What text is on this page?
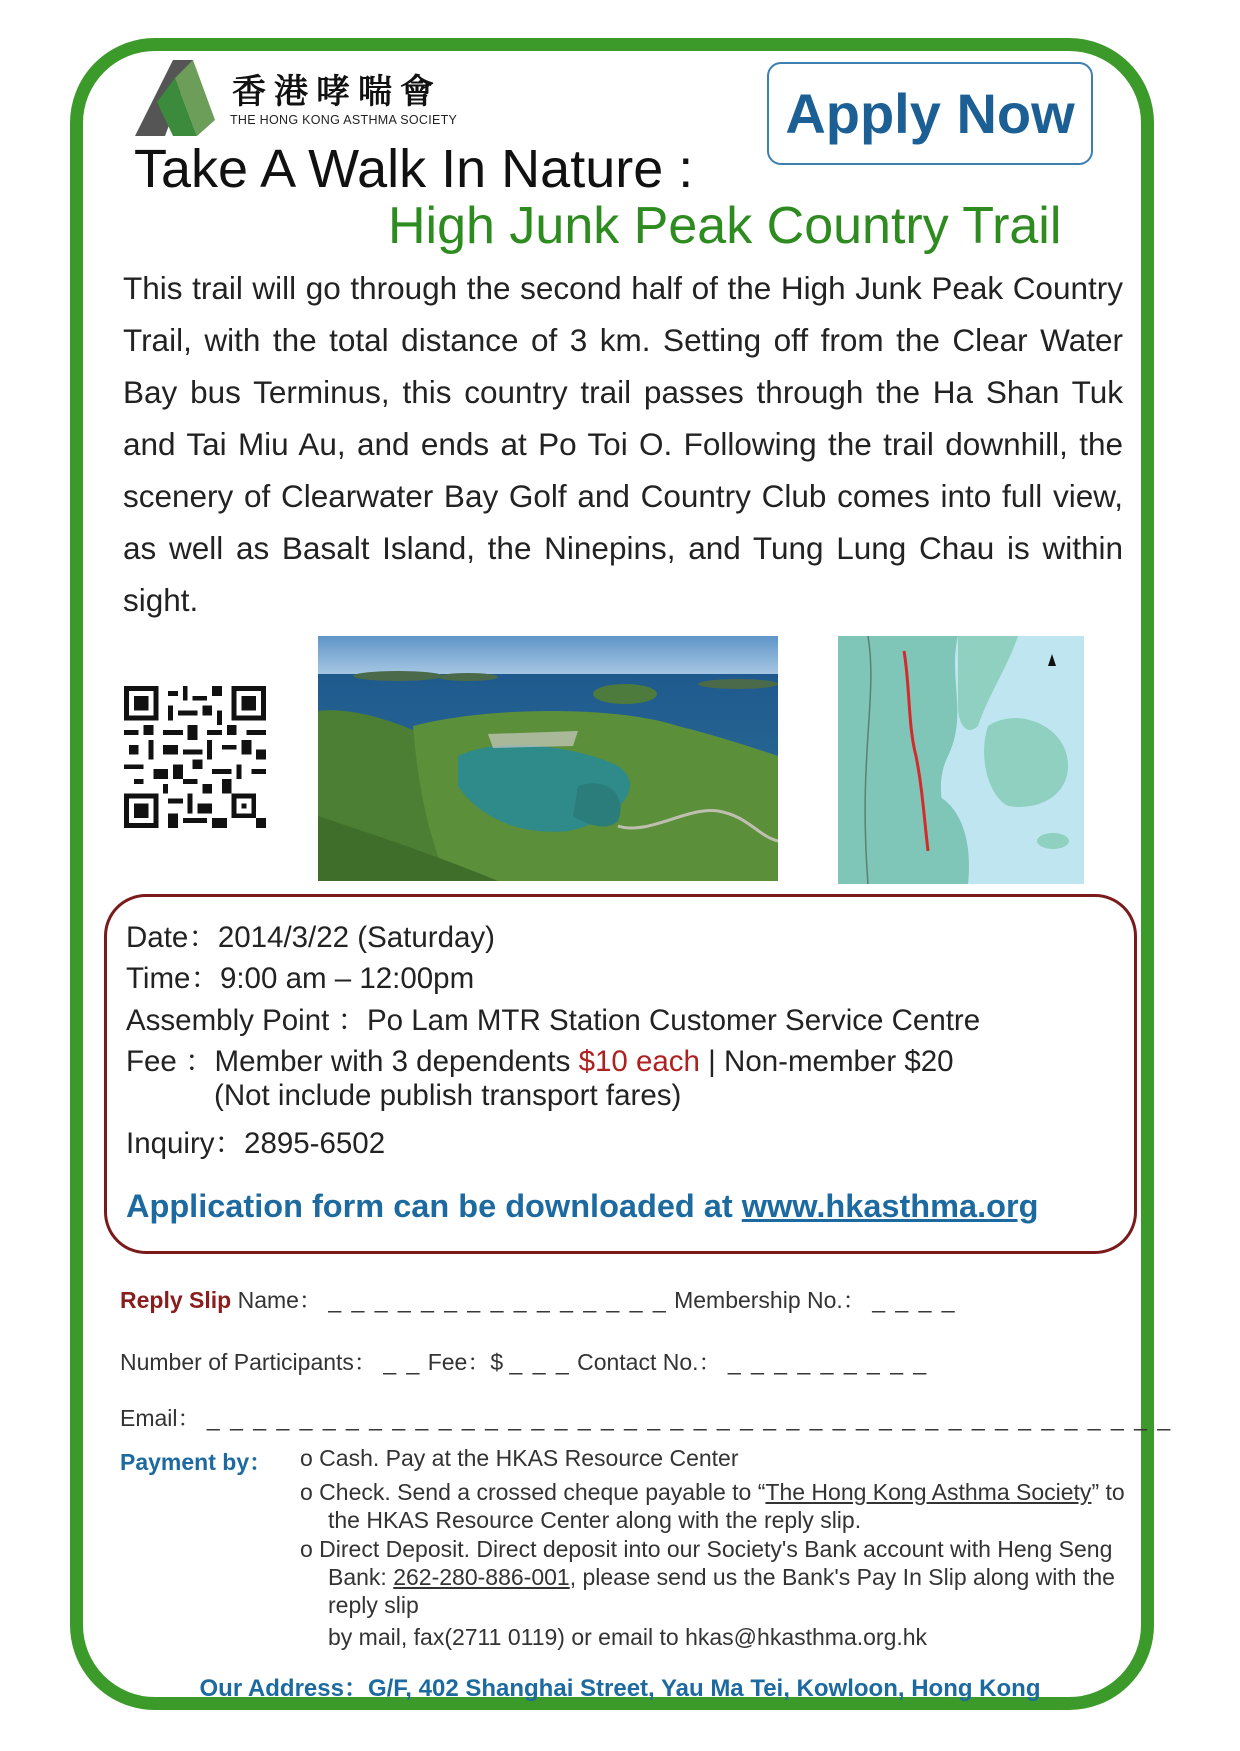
香港哮喘會
THE HONG KONG ASTHMA SOCIETY	Apply Now
Take A Walk In Nature :
High Junk Peak Country Trail
This trail will go through the second half of the High Junk Peak Country Trail, with the total distance of 3 km. Setting off from the Clear Water Bay bus Terminus, this country trail passes through the Ha Shan Tuk and Tai Miu Au, and ends at Po Toi O. Following the trail downhill, the scenery of Clearwater Bay Golf and Country Club comes into full view, as well as Basalt Island, the Ninepins, and Tung Lung Chau is within sight.
Date：2014/3/22 (Saturday)
Time：9:00 am – 12:00pm
Assembly Point ：Po Lam MTR Station Customer Service Centre
Fee ：Member with 3 dependents $10 each | Non-member $20
(Not include publish transport fares)
Inquiry：2895-6502
Application form can be downloaded at www.hkasthma.org
Reply Slip Name： _ _ _ _ _ _ _ _ _ _ _ _ _ _ _ Membership No.： _ _ _ _
Number of Participants： _ _ Fee：$ _ _ _ Contact No.： _ _ _ _ _ _ _ _ _
Email： _ _ _ _ _ _ _ _ _ _ _ _ _ _ _ _ _ _ _ _ _ _ _ _ _ _ _ _ _ _ _ _ _ _ _ _ _ _ _ _ _ _
Payment by： o Cash. Pay at the HKAS Resource Center
o Check. Send a crossed cheque payable to “The Hong Kong Asthma Society” to the HKAS Resource Center along with the reply slip.
o Direct Deposit. Direct deposit into our Society's Bank account with Heng Seng Bank: 262-280-886-001, please send us the Bank's Pay In Slip along with the reply slip
by mail, fax(2711 0119) or email to hkas@hkasthma.org.hk
Our Address：G/F, 402 Shanghai Street, Yau Ma Tei, Kowloon, Hong Kong
